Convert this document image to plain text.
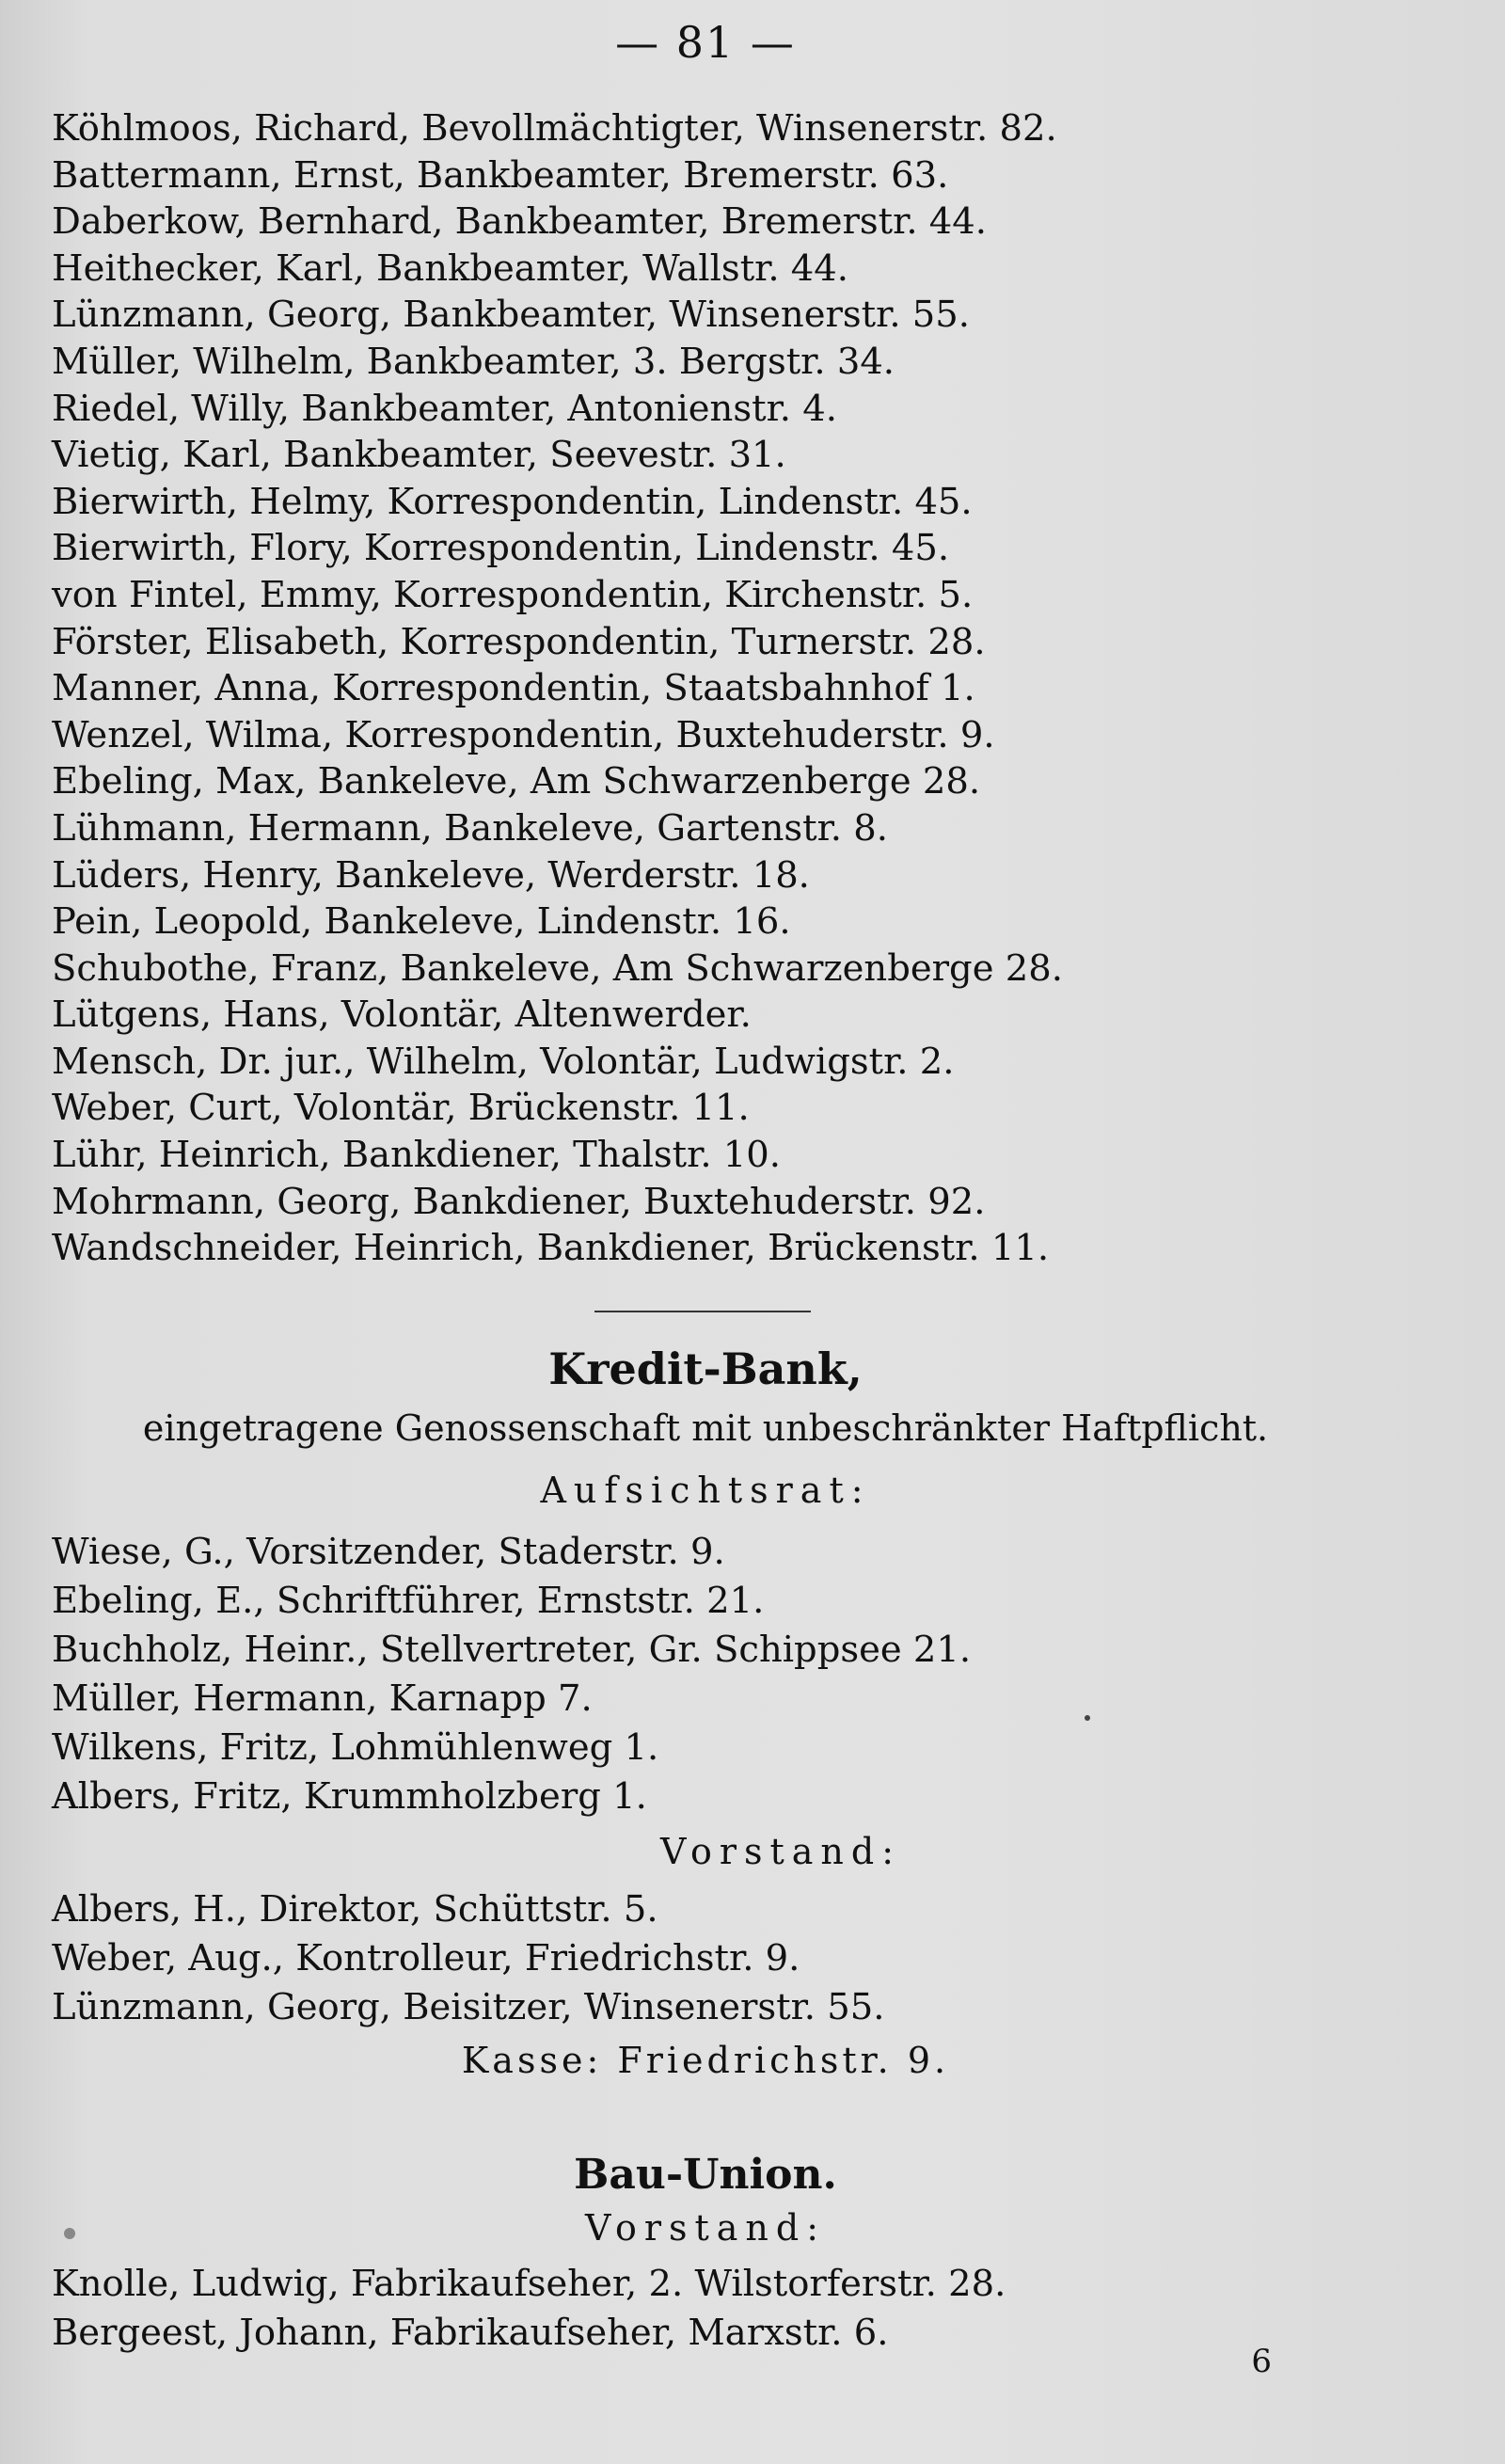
— 81 —
Köhlmoos, Richard, Bevollmächtigter, Winsenerstr. 82.
Battermann, Ernst, Bankbeamter, Bremerstr. 63.
Daberkow, Bernhard, Bankbeamter, Bremerstr. 44.
Heithecker, Karl, Bankbeamter, Wallstr. 44.
Lünzmann, Georg, Bankbeamter, Winsenerstr. 55.
Müller, Wilhelm, Bankbeamter, 3. Bergstr. 34.
Riedel, Willy, Bankbeamter, Antonienstr. 4.
Vietig, Karl, Bankbeamter, Seevestr. 31.
Bierwirth, Helmy, Korrespondentin, Lindenstr. 45.
Bierwirth, Flory, Korrespondentin, Lindenstr. 45.
von Fintel, Emmy, Korrespondentin, Kirchenstr. 5.
Förster, Elisabeth, Korrespondentin, Turnerstr. 28.
Manner, Anna, Korrespondentin, Staatsbahnhof 1.
Wenzel, Wilma, Korrespondentin, Buxtehuderstr. 9.
Ebeling, Max, Bankeleve, Am Schwarzenberge 28.
Lühmann, Hermann, Bankeleve, Gartenstr. 8.
Lüders, Henry, Bankeleve, Werderstr. 18.
Pein, Leopold, Bankeleve, Lindenstr. 16.
Schubothe, Franz, Bankeleve, Am Schwarzenberge 28.
Lütgens, Hans, Volontär, Altenwerder.
Mensch, Dr. jur., Wilhelm, Volontär, Ludwigstr. 2.
Weber, Curt, Volontär, Brückenstr. 11.
Lühr, Heinrich, Bankdiener, Thalstr. 10.
Mohrmann, Georg, Bankdiener, Buxtehuderstr. 92.
Wandschneider, Heinrich, Bankdiener, Brückenstr. 11.
Kredit-Bank,
eingetragene Genossenschaft mit unbeschränkter Haftpflicht.
Aufsichtsrat:
Wiese, G., Vorsitzender, Staderstr. 9.
Ebeling, E., Schriftführer, Ernststr. 21.
Buchholz, Heinr., Stellvertreter, Gr. Schippsee 21.
Müller, Hermann, Karnapp 7.
Wilkens, Fritz, Lohmühlenweg 1.
Albers, Fritz, Krummholzberg 1.
Vorstand:
Albers, H., Direktor, Schüttstr. 5.
Weber, Aug., Kontrolleur, Friedrichstr. 9.
Lünzmann, Georg, Beisitzer, Winsenerstr. 55.
Kasse: Friedrichstr. 9.
Bau-Union.
Vorstand:
Knolle, Ludwig, Fabrikaufseher, 2. Wilstorferstr. 28.
Bergeest, Johann, Fabrikaufseher, Marxstr. 6.
6
